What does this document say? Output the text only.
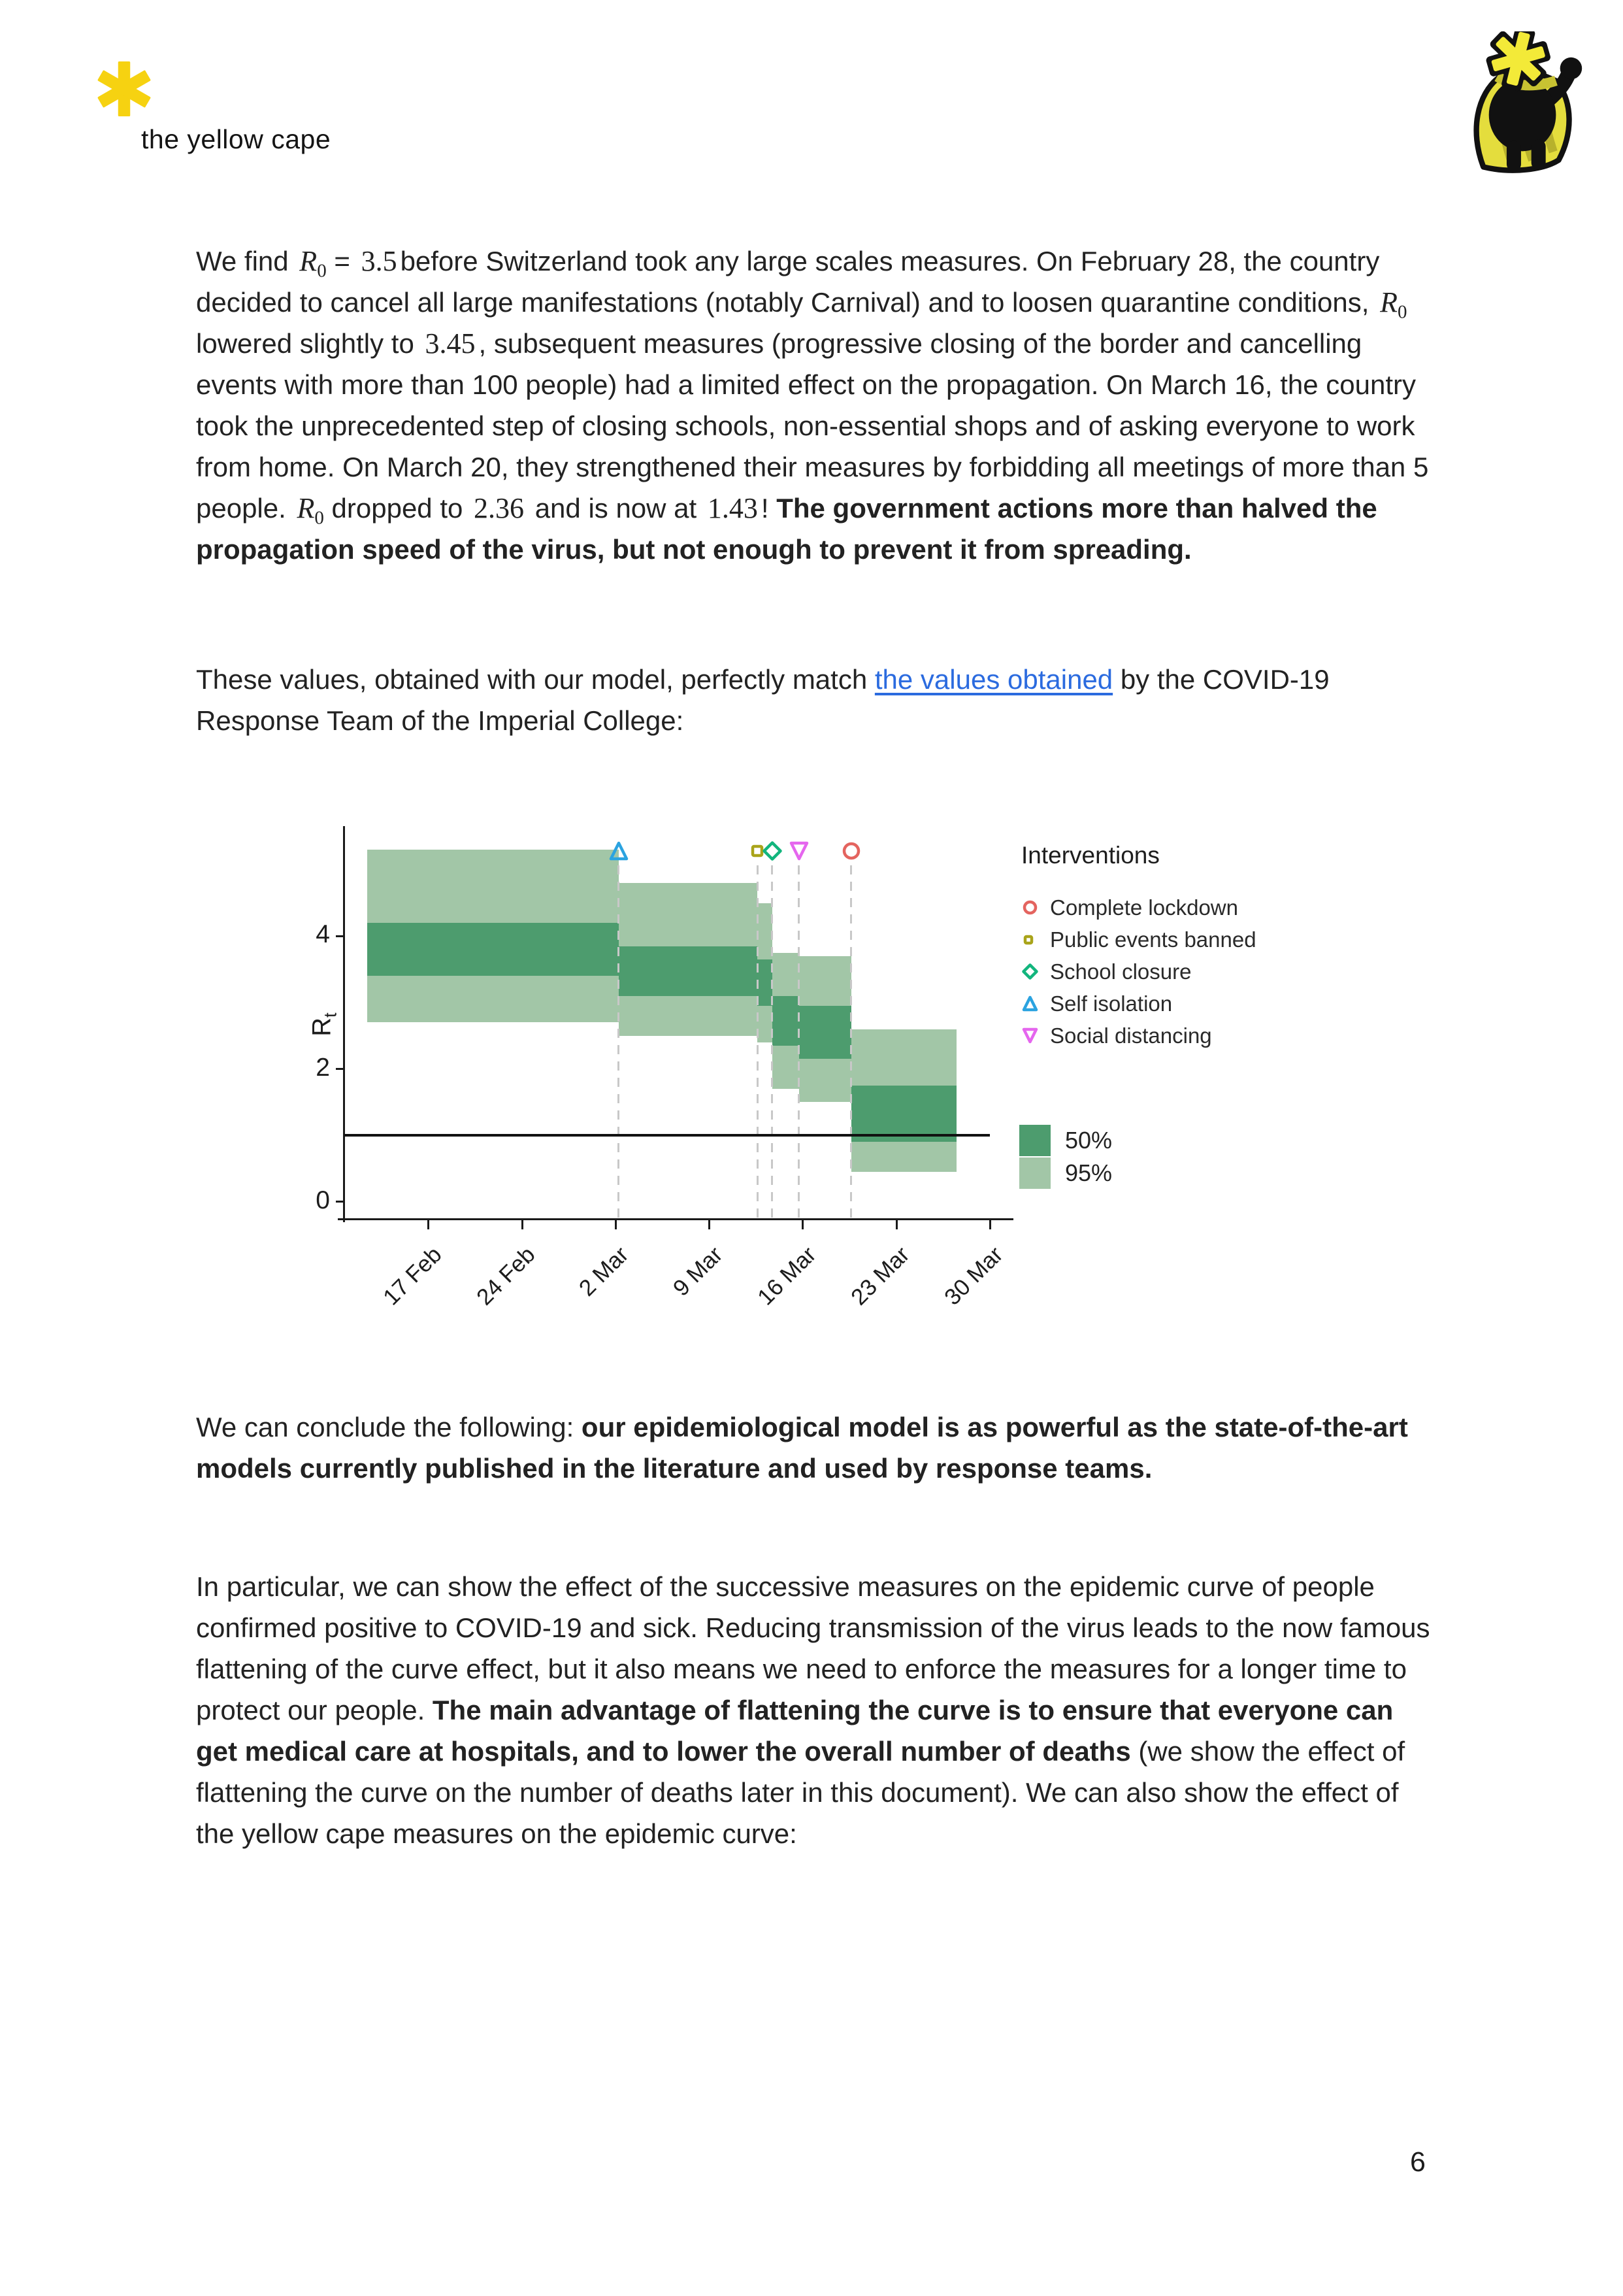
the yellow cape
We find $R_0 = 3.5$ before Switzerland took any large scales measures. On February 28, the country decided to cancel all large manifestations (notably Carnival) and to loosen quarantine conditions, $R_0$ lowered slightly to 3.45 , subsequent measures (progressive closing of the border and cancelling events with more than 100 people) had a limited effect on the propagation. On March 16, the country took the unprecedented step of closing schools, non-essential shops and of asking everyone to work from home. On March 20, they strengthened their measures by forbidding all meetings of more than 5 people. $R_0$ dropped to 2.36 and is now at 1.43 ! The government actions more than halved the propagation speed of the virus, but not enough to prevent it from spreading.
These values, obtained with our model, perfectly match the values obtained by the COVID-19 Response Team of the Imperial College:
$R_t$
0
2
4
17 Feb	24 Feb	2 Mar	9 Mar	16 Mar	23 Mar	30 Mar
Interventions
Complete lockdown
Public events banned
School closure
Self isolation
Social distancing
50%
95%
We can conclude the following: our epidemiological model is as powerful as the state-of-the-art models currently published in the literature and used by response teams.
In particular, we can show the effect of the successive measures on the epidemic curve of people confirmed positive to COVID-19 and sick. Reducing transmission of the virus leads to the now famous flattening of the curve effect, but it also means we need to enforce the measures for a longer time to protect our people. The main advantage of flattening the curve is to ensure that everyone can get medical care at hospitals, and to lower the overall number of deaths (we show the effect of flattening the curve on the number of deaths later in this document). We can also show the effect of the yellow cape measures on the epidemic curve:
6
